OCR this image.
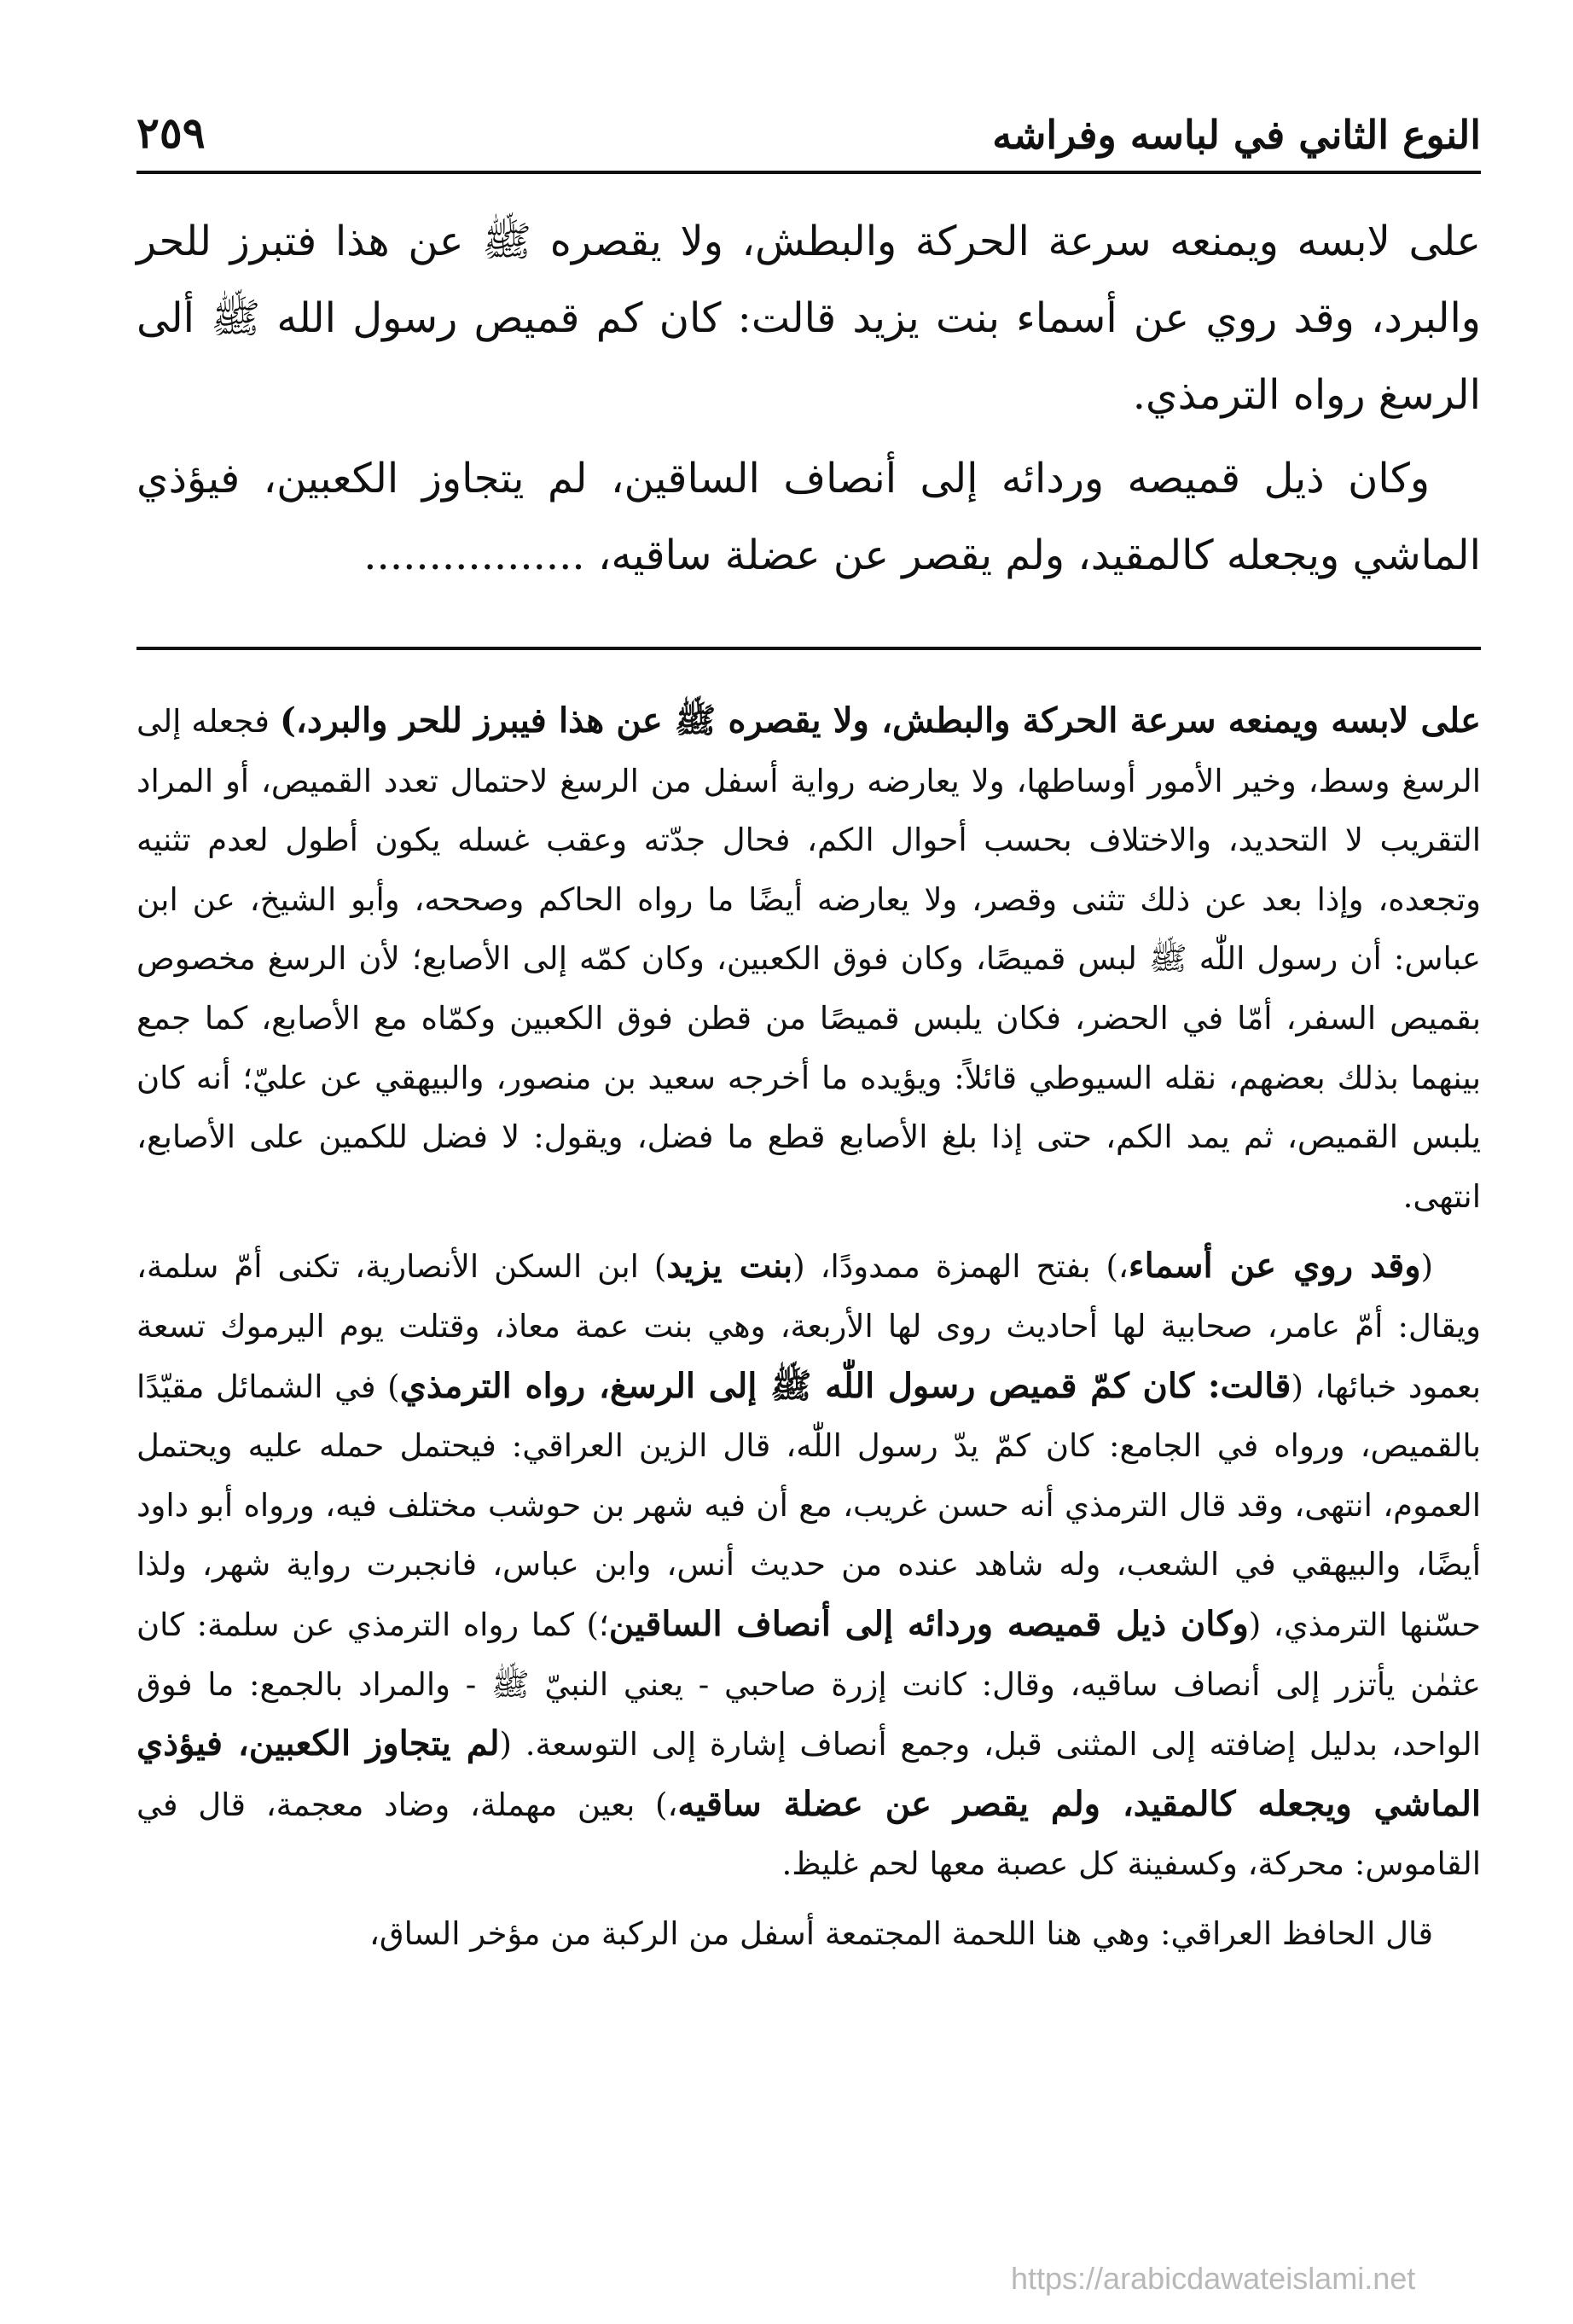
النوع الثاني في لباسه وفراشه
٢٥٩

على لابسه ويمنعه سرعة الحركة والبطش، ولا يقصره ﷺ عن هذا فتبرز للحر والبرد، وقد روي عن أسماء بنت يزيد قالت: كان كم قميص رسول الله ﷺ ألى الرسغ رواه الترمذي.

وكان ذيل قميصه وردائه إلى أنصاف الساقين، لم يتجاوز الكعبين، فيؤذي الماشي ويجعله كالمقيد، ولم يقصر عن عضلة ساقيه، .................

على لابسه ويمنعه سرعة الحركة والبطش، ولا يقصره ﷺ عن هذا فيبرز للحر والبرد،) فجعله إلى الرسغ وسط، وخير الأمور أوساطها، ولا يعارضه رواية أسفل من الرسغ لاحتمال تعدد القميص، أو المراد التقريب لا التحديد، والاختلاف بحسب أحوال الكم، فحال جدّته وعقب غسله يكون أطول لعدم تثنيه وتجعده، وإذا بعد عن ذلك تثنى وقصر، ولا يعارضه أيضًا ما رواه الحاكم وصححه، وأبو الشيخ، عن ابن عباس: أن رسول اللّٰه ﷺ لبس قميصًا، وكان فوق الكعبين، وكان كمّه إلى الأصابع؛ لأن الرسغ مخصوص بقميص السفر، أمّا في الحضر، فكان يلبس قميصًا من قطن فوق الكعبين وكمّاه مع الأصابع، كما جمع بينهما بذلك بعضهم، نقله السيوطي قائلاً: ويؤيده ما أخرجه سعيد بن منصور، والبيهقي عن عليّ؛ أنه كان يلبس القميص، ثم يمد الكم، حتى إذا بلغ الأصابع قطع ما فضل، ويقول: لا فضل للكمين على الأصابع، انتهى.

(وقد روي عن أسماء،) بفتح الهمزة ممدودًا، (بنت يزيد) ابن السكن الأنصارية، تكنى أمّ سلمة، ويقال: أمّ عامر، صحابية لها أحاديث روى لها الأربعة، وهي بنت عمة معاذ، وقتلت يوم اليرموك تسعة بعمود خبائها، (قالت: كان كمّ قميص رسول اللّٰه ﷺ إلى الرسغ، رواه الترمذي) في الشمائل مقيّدًا بالقميص، ورواه في الجامع: كان كمّ يدّ رسول اللّٰه، قال الزين العراقي: فيحتمل حمله عليه ويحتمل العموم، انتهى، وقد قال الترمذي أنه حسن غريب، مع أن فيه شهر بن حوشب مختلف فيه، ورواه أبو داود أيضًا، والبيهقي في الشعب، وله شاهد عنده من حديث أنس، وابن عباس، فانجبرت رواية شهر، ولذا حسّنها الترمذي، (وكان ذيل قميصه وردائه إلى أنصاف الساقين؛) كما رواه الترمذي عن سلمة: كان عثمٰن يأتزر إلى أنصاف ساقيه، وقال: كانت إزرة صاحبي - يعني النبيّ ﷺ - والمراد بالجمع: ما فوق الواحد، بدليل إضافته إلى المثنى قبل، وجمع أنصاف إشارة إلى التوسعة. (لم يتجاوز الكعبين، فيؤذي الماشي ويجعله كالمقيد، ولم يقصر عن عضلة ساقيه،) بعين مهملة، وضاد معجمة، قال في القاموس: محركة، وكسفينة كل عصبة معها لحم غليظ.

قال الحافظ العراقي: وهي هنا اللحمة المجتمعة أسفل من الركبة من مؤخر الساق،

https://arabicdawateislami.net
